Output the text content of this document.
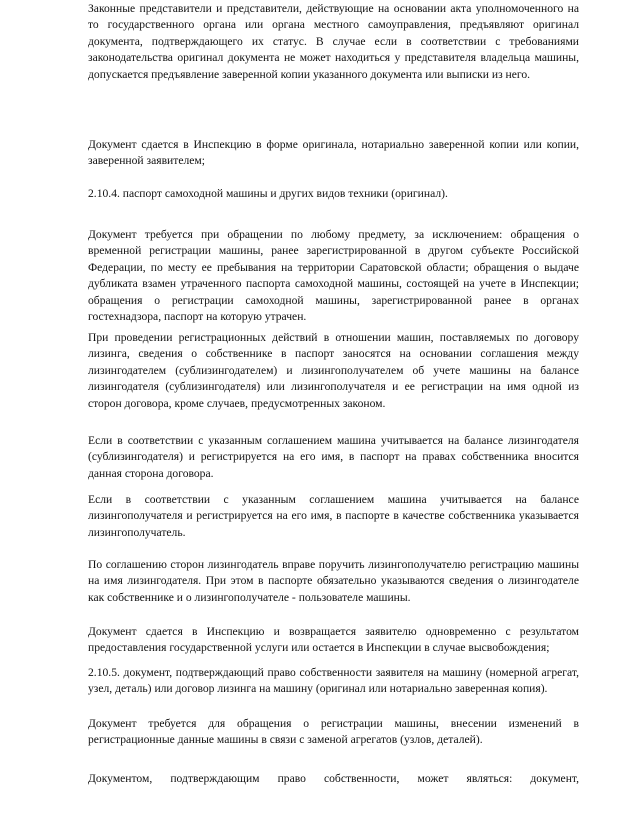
Законные представители и представители, действующие на основании акта уполномоченного на то государственного органа или органа местного самоуправления, предъявляют оригинал документа, подтверждающего их статус. В случае если в соответствии с требованиями законодательства оригинал документа не может находиться у представителя владельца машины, допускается предъявление заверенной копии указанного документа или выписки из него.

Документ сдается в Инспекцию в форме оригинала, нотариально заверенной копии или копии, заверенной заявителем;

2.10.4. паспорт самоходной машины и других видов техники (оригинал).

Документ требуется при обращении по любому предмету, за исключением: обращения о временной регистрации машины, ранее зарегистрированной в другом субъекте Российской Федерации, по месту ее пребывания на территории Саратовской области; обращения о выдаче дубликата взамен утраченного паспорта самоходной машины, состоящей на учете в Инспекции; обращения о регистрации самоходной машины, зарегистрированной ранее в органах гостехнадзора, паспорт на которую утрачен.

При проведении регистрационных действий в отношении машин, поставляемых по договору лизинга, сведения о собственнике в паспорт заносятся на основании соглашения между лизингодателем (сублизингодателем) и лизингополучателем об учете машины на балансе лизингодателя (сублизингодателя) или лизингополучателя и ее регистрации на имя одной из сторон договора, кроме случаев, предусмотренных законом.

Если в соответствии с указанным соглашением машина учитывается на балансе лизингодателя (сублизингодателя) и регистрируется на его имя, в паспорт на правах собственника вносится данная сторона договора.

Если в соответствии с указанным соглашением машина учитывается на балансе лизингополучателя и регистрируется на его имя, в паспорте в качестве собственника указывается лизингополучатель.

По соглашению сторон лизингодатель вправе поручить лизингополучателю регистрацию машины на имя лизингодателя. При этом в паспорте обязательно указываются сведения о лизингодателе как собственнике и о лизингополучателе - пользователе машины.

Документ сдается в Инспекцию и возвращается заявителю одновременно с результатом предоставления государственной услуги или остается в Инспекции в случае высвобождения;

2.10.5. документ, подтверждающий право собственности заявителя на машину (номерной агрегат, узел, деталь) или договор лизинга на машину (оригинал или нотариально заверенная копия).

Документ требуется для обращения о регистрации машины, внесении изменений в регистрационные данные машины в связи с заменой агрегатов (узлов, деталей).

Документом, подтверждающим право собственности, может являться: документ,
